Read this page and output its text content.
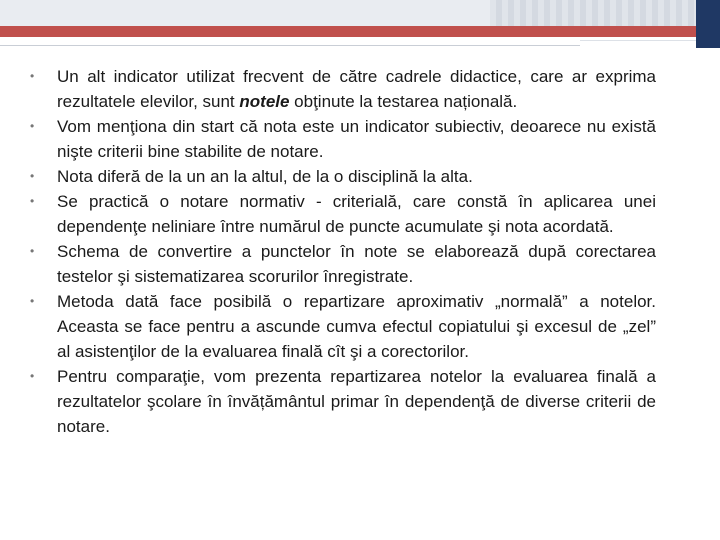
•	Un alt indicator utilizat frecvent de către cadrele didactice, care ar exprima rezultatele elevilor, sunt notele obţinute la testarea națională.
•	Vom menţiona din start că nota este un indicator subiectiv, deoarece nu există nişte criterii bine stabilite de notare.
•	Nota diferă de la un an la altul, de la o disciplină la alta.
•	Se practică o notare normativ - criterială, care constă în aplicarea unei dependenţe neliniare între numărul de puncte acumulate şi nota acordată.
•	Schema de convertire a punctelor în note se elaborează după corectarea testelor şi sistematizarea scorurilor înregistrate.
•	Metoda dată face posibilă o repartizare aproximativ „normală” a notelor. Aceasta se face pentru a ascunde cumva efectul copiatului şi excesul de „zel” al asistenţilor de la evaluarea finală cît şi a corectorilor.
•	Pentru comparaţie, vom prezenta repartizarea notelor la evaluarea finală a rezultatelor şcolare în învățământul primar în dependenţă de diverse criterii de notare.
